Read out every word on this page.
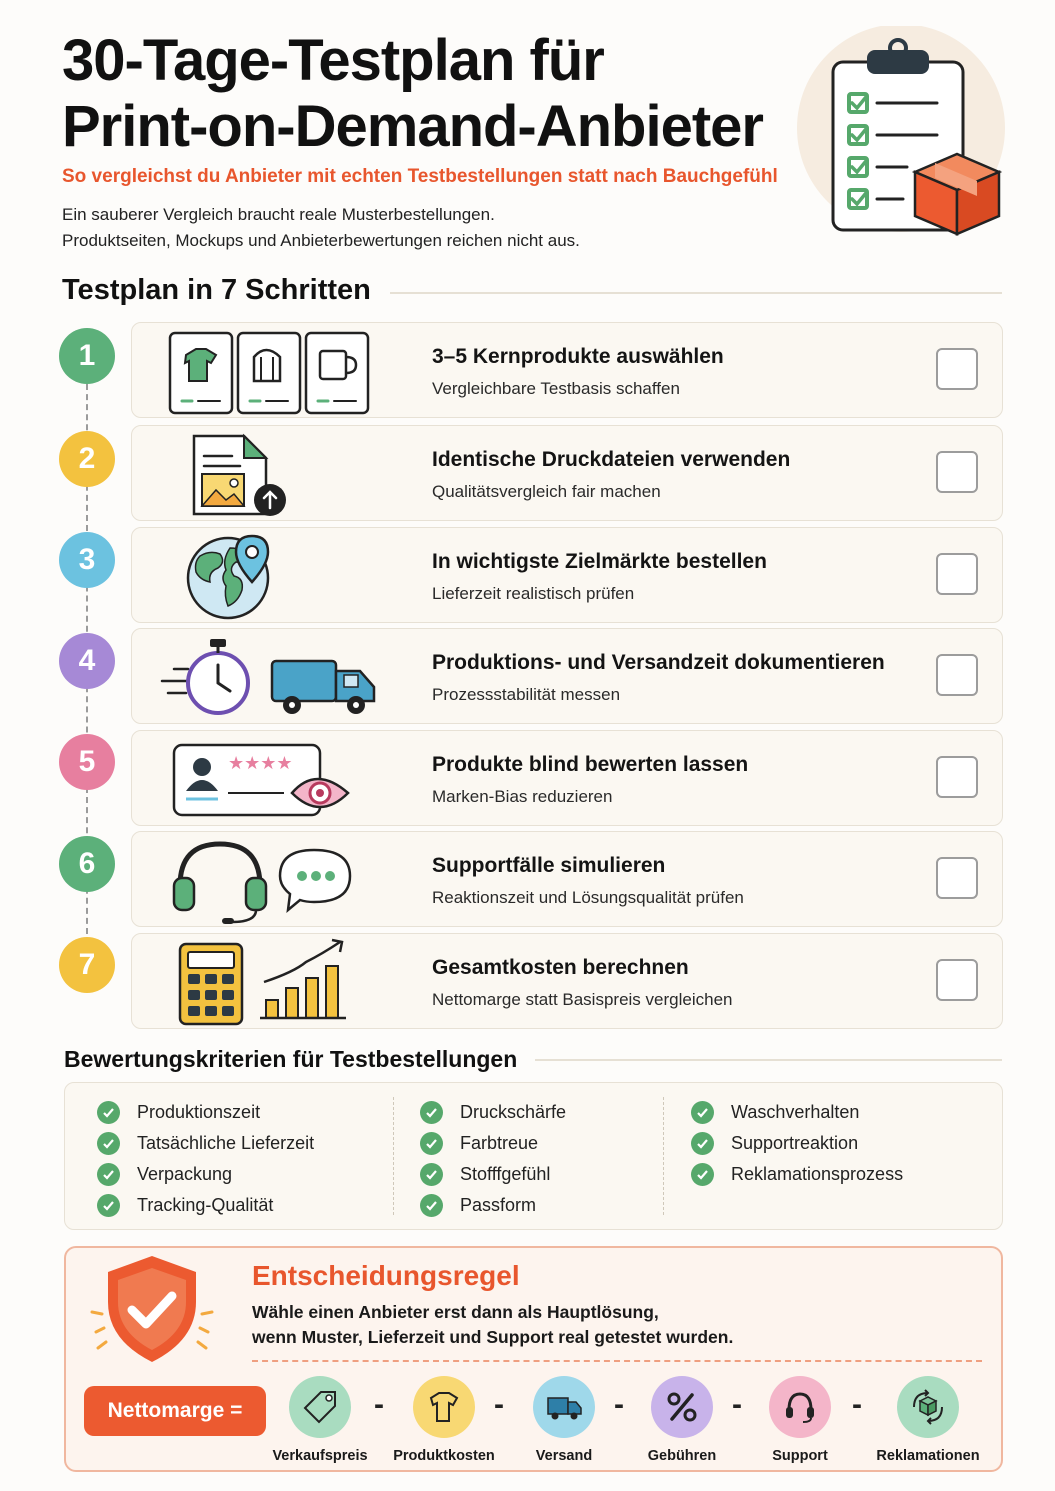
30-Tage-Testplan für
Print-on-Demand-Anbieter
So vergleichst du Anbieter mit echten Testbestellungen statt nach Bauchgefühl
Ein sauberer Vergleich braucht reale Musterbestellungen.
Produktseiten, Mockups und Anbieterbewertungen reichen nicht aus.
Testplan in 7 Schritten
1	3–5 Kernprodukte auswählen
Vergleichbare Testbasis schaffen
2	Identische Druckdateien verwenden
Qualitätsvergleich fair machen
3	In wichtigste Zielmärkte bestellen
Lieferzeit realistisch prüfen
4	Produktions- und Versandzeit dokumentieren
Prozessstabilität messen
5	★★★★	Produkte blind bewerten lassen
Marken-Bias reduzieren
6	Supportfälle simulieren
Reaktionszeit und Lösungsqualität prüfen
7	Gesamtkosten berechnen
Nettomarge statt Basispreis vergleichen
Bewertungskriterien für Testbestellungen
Produktionszeit
Tatsächliche Lieferzeit
Verpackung
Tracking-Qualität
Druckschärfe
Farbtreue
Stofffgefühl
Passform
Waschverhalten
Supportreaktion
Reklamationsprozess
Entscheidungsregel
Wähle einen Anbieter erst dann als Hauptlösung,
wenn Muster, Lieferzeit und Support real getestet wurden.
Nettomarge =
Verkaufspreis
-
Produktkosten
-
Versand
-
Gebühren
-
Support
-
Reklamationen
